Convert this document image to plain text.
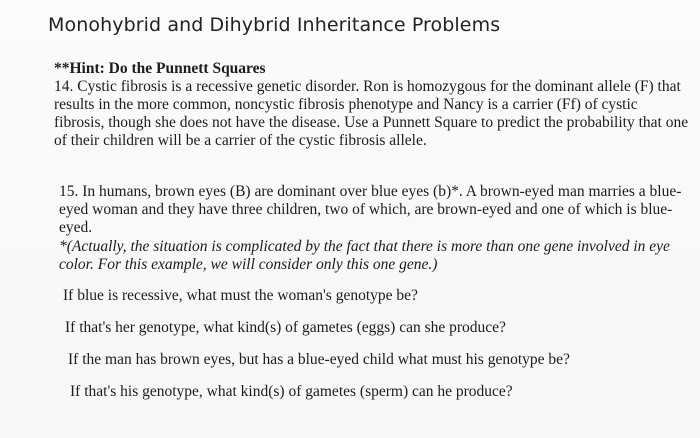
Monohybrid and Dihybrid Inheritance Problems
**Hint: Do the Punnett Squares
14. Cystic fibrosis is a recessive genetic disorder. Ron is homozygous for the dominant allele (F) that results in the more common, noncystic fibrosis phenotype and Nancy is a carrier (Ff) of cystic fibrosis, though she does not have the disease. Use a Punnett Square to predict the probability that one of their children will be a carrier of the cystic fibrosis allele.
15. In humans, brown eyes (B) are dominant over blue eyes (b)*. A brown-eyed man marries a blue-eyed woman and they have three children, two of which, are brown-eyed and one of which is blue-eyed.
*(Actually, the situation is complicated by the fact that there is more than one gene involved in eye color. For this example, we will consider only this one gene.)
If blue is recessive, what must the woman's genotype be?
If that's her genotype, what kind(s) of gametes (eggs) can she produce?
If the man has brown eyes, but has a blue-eyed child what must his genotype be?
If that's his genotype, what kind(s) of gametes (sperm) can he produce?
